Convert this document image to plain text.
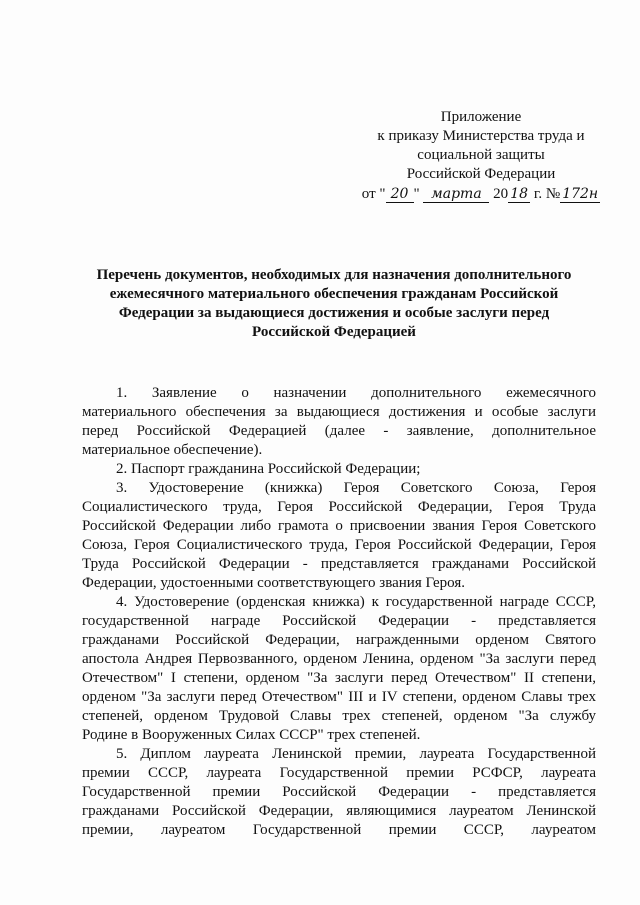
Приложение
к приказу Министерства труда и
социальной защиты
Российской Федерации
от " 20 " марта 20 18 г. № 172н
Перечень документов, необходимых для назначения дополнительного
ежемесячного материального обеспечения гражданам Российской
Федерации за выдающиеся достижения и особые заслуги перед
Российской Федерацией
1. Заявление о назначении дополнительного ежемесячного
материального обеспечения за выдающиеся достижения и особые заслуги
перед Российской Федерацией (далее - заявление, дополнительное
материальное обеспечение).
2. Паспорт гражданина Российской Федерации;
3. Удостоверение (книжка) Героя Советского Союза, Героя
Социалистического труда, Героя Российской Федерации, Героя Труда
Российской Федерации либо грамота о присвоении звания Героя Советского
Союза, Героя Социалистического труда, Героя Российской Федерации, Героя
Труда Российской Федерации - представляется гражданами Российской
Федерации, удостоенными соответствующего звания Героя.
4. Удостоверение (орденская книжка) к государственной награде СССР,
государственной награде Российской Федерации - представляется
гражданами Российской Федерации, награжденными орденом Святого
апостола Андрея Первозванного, орденом Ленина, орденом "За заслуги перед
Отечеством" I степени, орденом "За заслуги перед Отечеством" II степени,
орденом "За заслуги перед Отечеством" III и IV степени, орденом Славы трех
степеней, орденом Трудовой Славы трех степеней, орденом "За службу
Родине в Вооруженных Силах СССР" трех степеней.
5. Диплом лауреата Ленинской премии, лауреата Государственной
премии СССР, лауреата Государственной премии РСФСР, лауреата
Государственной премии Российской Федерации - представляется
гражданами Российской Федерации, являющимися лауреатом Ленинской
премии, лауреатом Государственной премии СССР, лауреатом
